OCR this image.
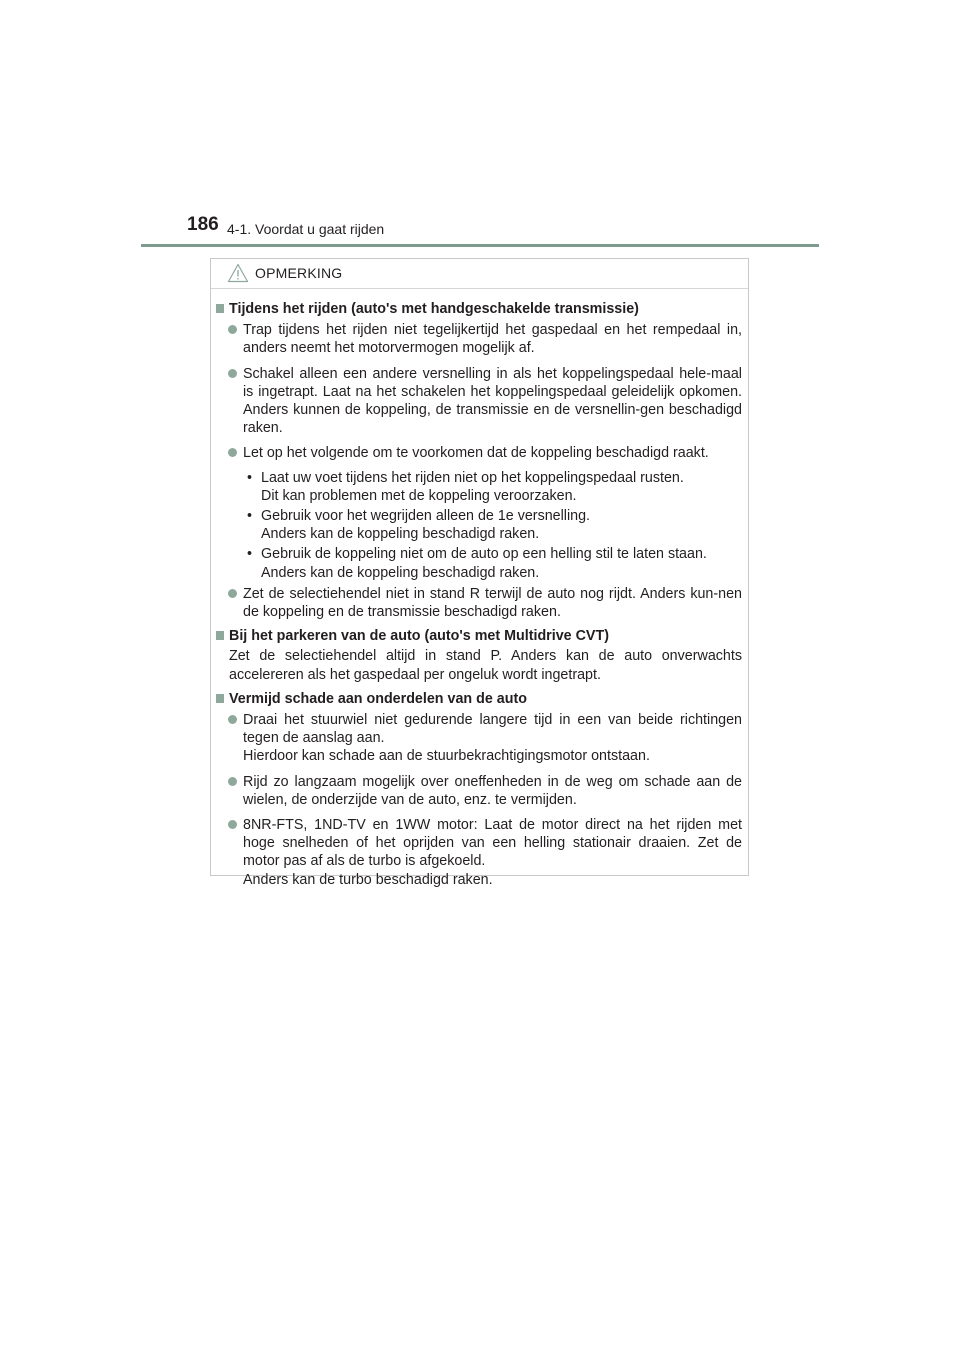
186 4-1. Voordat u gaat rijden
OPMERKING
Tijdens het rijden (auto's met handgeschakelde transmissie)
Trap tijdens het rijden niet tegelijkertijd het gaspedaal en het rempedaal in, anders neemt het motorvermogen mogelijk af.
Schakel alleen een andere versnelling in als het koppelingspedaal hele-maal is ingetrapt. Laat na het schakelen het koppelingspedaal geleidelijk opkomen. Anders kunnen de koppeling, de transmissie en de versnellin-gen beschadigd raken.
Let op het volgende om te voorkomen dat de koppeling beschadigd raakt.
• Laat uw voet tijdens het rijden niet op het koppelingspedaal rusten.
Dit kan problemen met de koppeling veroorzaken.
• Gebruik voor het wegrijden alleen de 1e versnelling.
Anders kan de koppeling beschadigd raken.
• Gebruik de koppeling niet om de auto op een helling stil te laten staan.
Anders kan de koppeling beschadigd raken.
Zet de selectiehendel niet in stand R terwijl de auto nog rijdt. Anders kun-nen de koppeling en de transmissie beschadigd raken.
Bij het parkeren van de auto (auto's met Multidrive CVT)
Zet de selectiehendel altijd in stand P. Anders kan de auto onverwachts accelereren als het gaspedaal per ongeluk wordt ingetrapt.
Vermijd schade aan onderdelen van de auto
Draai het stuurwiel niet gedurende langere tijd in een van beide richtingen tegen de aanslag aan.
Hierdoor kan schade aan de stuurbekrachtigingsmotor ontstaan.
Rijd zo langzaam mogelijk over oneffenheden in de weg om schade aan de wielen, de onderzijde van de auto, enz. te vermijden.
8NR-FTS, 1ND-TV en 1WW motor: Laat de motor direct na het rijden met hoge snelheden of het oprijden van een helling stationair draaien. Zet de motor pas af als de turbo is afgekoeld.
Anders kan de turbo beschadigd raken.
